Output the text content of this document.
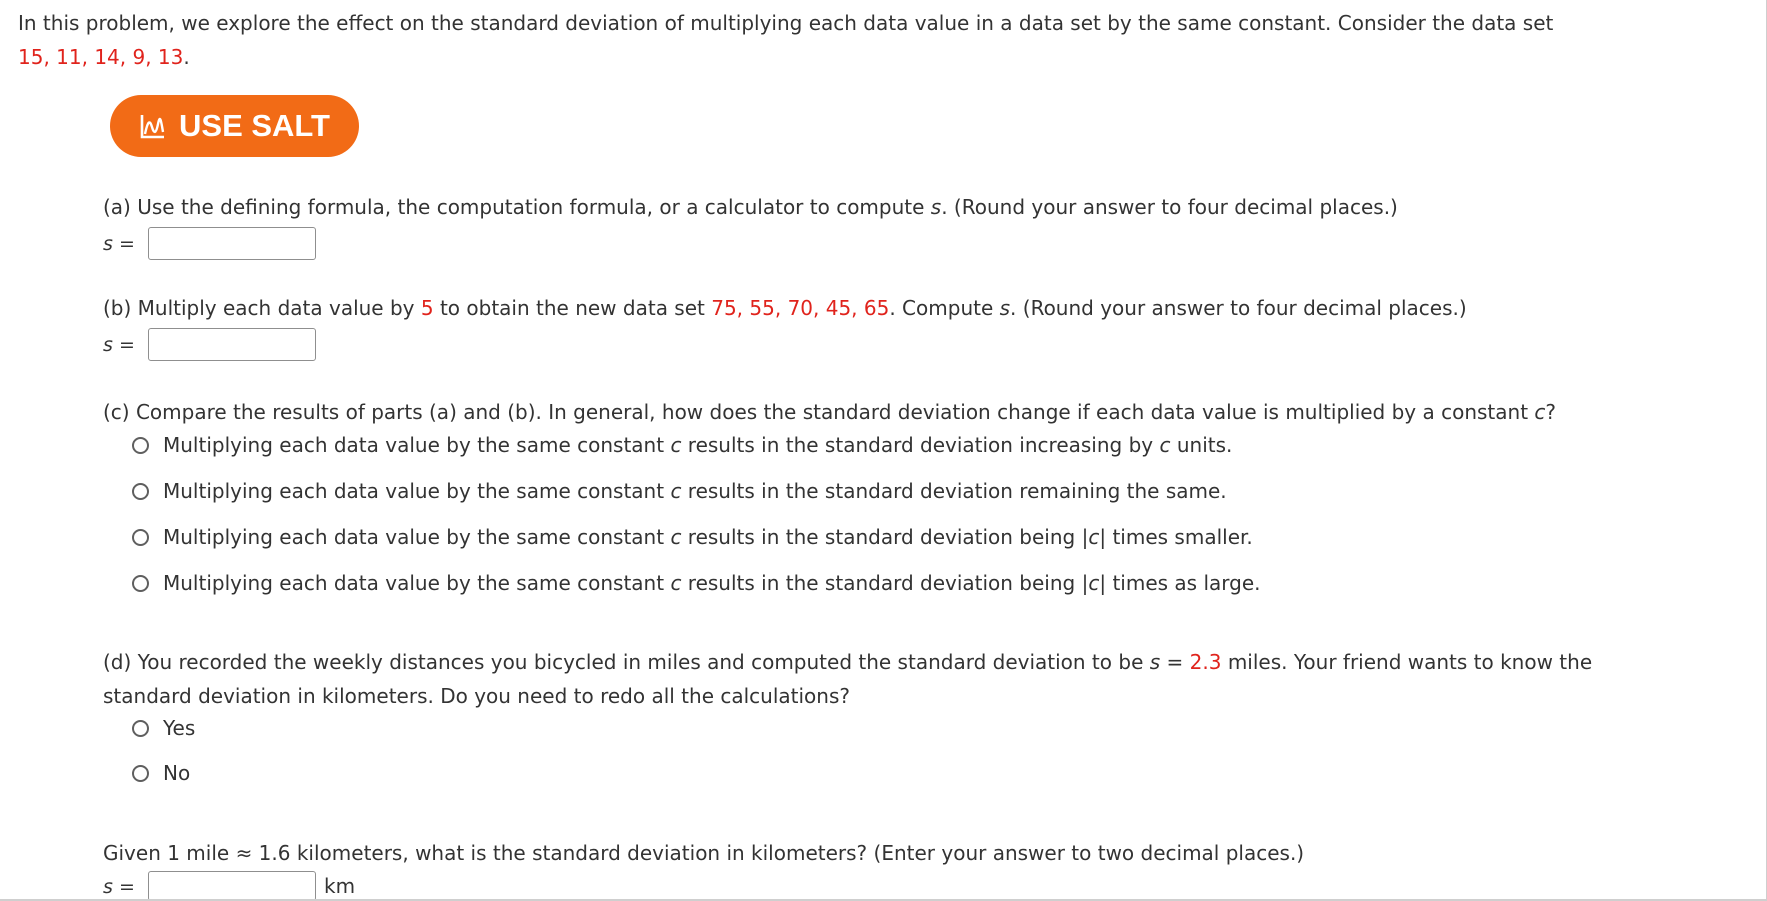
In this problem, we explore the effect on the standard deviation of multiplying each data value in a data set by the same constant. Consider the data set
15, 11, 14, 9, 13.
USE SALT
(a) Use the defining formula, the computation formula, or a calculator to compute s. (Round your answer to four decimal places.)
s =
(b) Multiply each data value by 5 to obtain the new data set 75, 55, 70, 45, 65. Compute s. (Round your answer to four decimal places.)
s =
(c) Compare the results of parts (a) and (b). In general, how does the standard deviation change if each data value is multiplied by a constant c?
Multiplying each data value by the same constant c results in the standard deviation increasing by c units.
Multiplying each data value by the same constant c results in the standard deviation remaining the same.
Multiplying each data value by the same constant c results in the standard deviation being |c| times smaller.
Multiplying each data value by the same constant c results in the standard deviation being |c| times as large.
(d) You recorded the weekly distances you bicycled in miles and computed the standard deviation to be s = 2.3 miles. Your friend wants to know the
standard deviation in kilometers. Do you need to redo all the calculations?
Yes
No
Given 1 mile ≈ 1.6 kilometers, what is the standard deviation in kilometers? (Enter your answer to two decimal places.)
s =	km
